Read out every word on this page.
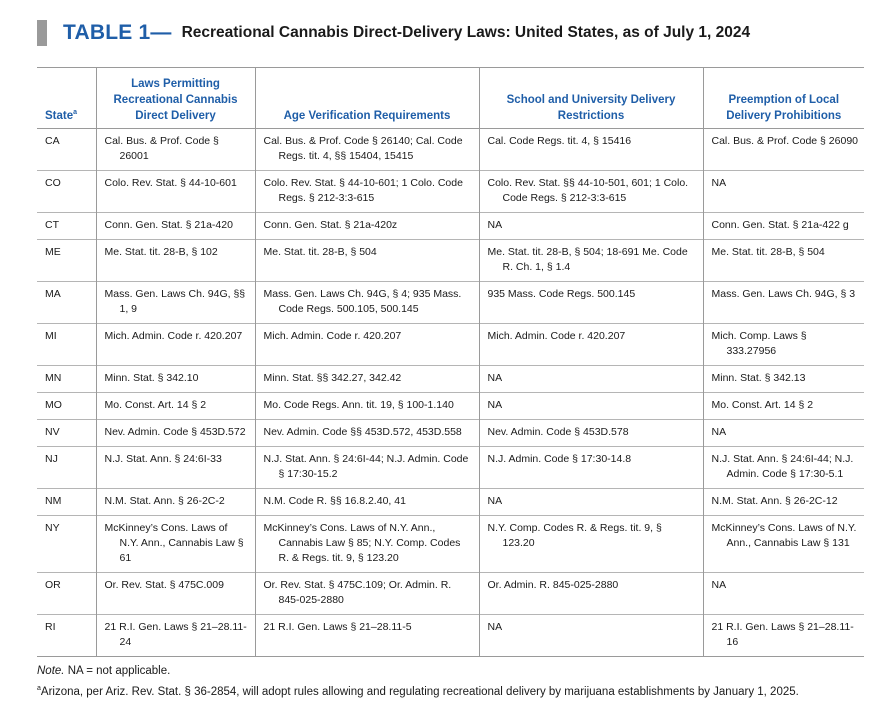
TABLE 1— Recreational Cannabis Direct-Delivery Laws: United States, as of July 1, 2024
State$^a$	Laws Permitting Recreational Cannabis Direct Delivery	Age Verification Requirements	School and University Delivery Restrictions	Preemption of Local Delivery Prohibitions

CA	Cal. Bus. & Prof. Code § 26001	Cal. Bus. & Prof. Code § 26140; Cal. Code Regs. tit. 4, §§ 15404, 15415	Cal. Code Regs. tit. 4, § 15416	Cal. Bus. & Prof. Code § 26090

CO	Colo. Rev. Stat. § 44-10-601	Colo. Rev. Stat. § 44-10-601; 1 Colo. Code Regs. § 212-3:3-615	Colo. Rev. Stat. §§ 44-10-501, 601; 1 Colo. Code Regs. § 212-3:3-615	NA

CT	Conn. Gen. Stat. § 21a-420	Conn. Gen. Stat. § 21a-420z	NA	Conn. Gen. Stat. § 21a-422 g

ME	Me. Stat. tit. 28-B, § 102	Me. Stat. tit. 28-B, § 504	Me. Stat. tit. 28-B, § 504; 18-691 Me. Code R. Ch. 1, § 1.4	Me. Stat. tit. 28-B, § 504

MA	Mass. Gen. Laws Ch. 94G, §§ 1, 9	Mass. Gen. Laws Ch. 94G, § 4; 935 Mass. Code Regs. 500.105, 500.145	935 Mass. Code Regs. 500.145	Mass. Gen. Laws Ch. 94G, § 3

MI	Mich. Admin. Code r. 420.207	Mich. Admin. Code r. 420.207	Mich. Admin. Code r. 420.207	Mich. Comp. Laws § 333.27956

MN	Minn. Stat. § 342.10	Minn. Stat. §§ 342.27, 342.42	NA	Minn. Stat. § 342.13

MO	Mo. Const. Art. 14 § 2	Mo. Code Regs. Ann. tit. 19, § 100-1.140	NA	Mo. Const. Art. 14 § 2

NV	Nev. Admin. Code § 453D.572	Nev. Admin. Code §§ 453D.572, 453D.558	Nev. Admin. Code § 453D.578	NA

NJ	N.J. Stat. Ann. § 24:6I-33	N.J. Stat. Ann. § 24:6I-44; N.J. Admin. Code § 17:30-15.2	N.J. Admin. Code § 17:30-14.8	N.J. Stat. Ann. § 24:6I-44; N.J. Admin. Code § 17:30-5.1

NM	N.M. Stat. Ann. § 26-2C-2	N.M. Code R. §§ 16.8.2.40, 41	NA	N.M. Stat. Ann. § 26-2C-12

NY	McKinney’s Cons. Laws of N.Y. Ann., Cannabis Law § 61	McKinney’s Cons. Laws of N.Y. Ann., Cannabis Law § 85; N.Y. Comp. Codes R. & Regs. tit. 9, § 123.20	N.Y. Comp. Codes R. & Regs. tit. 9, § 123.20	McKinney’s Cons. Laws of N.Y. Ann., Cannabis Law § 131

OR	Or. Rev. Stat. § 475C.009	Or. Rev. Stat. § 475C.109; Or. Admin. R. 845-025-2880	Or. Admin. R. 845-025-2880	NA

RI	21 R.I. Gen. Laws § 21–28.11-24	21 R.I. Gen. Laws § 21–28.11-5	NA	21 R.I. Gen. Laws § 21–28.11-16
Note. NA = not applicable.
$^a$Arizona, per Ariz. Rev. Stat. § 36-2854, will adopt rules allowing and regulating recreational delivery by marijuana establishments by January 1, 2025.
